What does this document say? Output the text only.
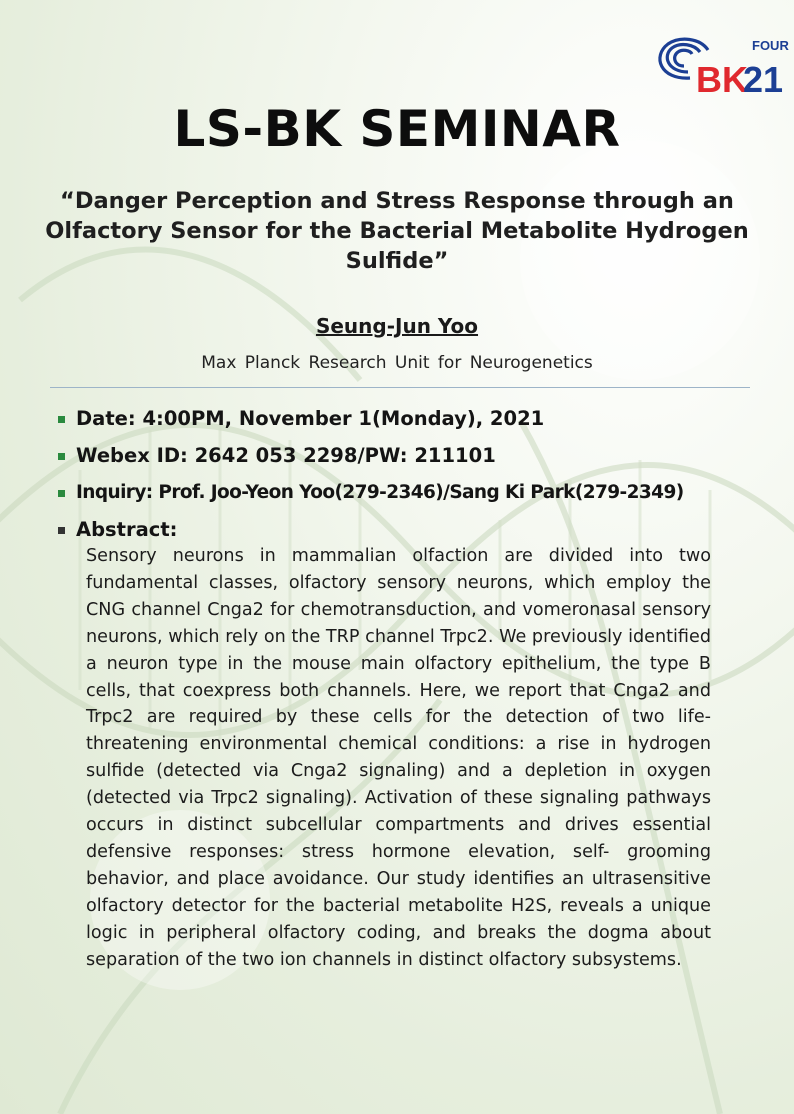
FOUR
BK
21
LS-BK SEMINAR
“Danger Perception and Stress Response through an Olfactory Sensor for the Bacterial Metabolite Hydrogen Sulfide”
Seung-Jun Yoo
Max Planck Research Unit for Neurogenetics
Date: 4:00PM, November 1(Monday), 2021
Webex ID: 2642 053 2298/PW: 211101
Inquiry: Prof. Joo-Yeon Yoo(279-2346)/Sang Ki Park(279-2349)
Abstract:
Sensory neurons in mammalian olfaction are divided into two fundamental classes, olfactory sensory neurons, which employ the CNG channel Cnga2 for chemotransduction, and vomeronasal sensory neurons, which rely on the TRP channel Trpc2. We previously identified a neuron type in the mouse main olfactory epithelium, the type B cells, that coexpress both channels. Here, we report that Cnga2 and Trpc2 are required by these cells for the detection of two life-threatening environmental chemical conditions: a rise in hydrogen sulfide (detected via Cnga2 signaling) and a depletion in oxygen (detected via Trpc2 signaling). Activation of these signaling pathways occurs in distinct subcellular compartments and drives essential defensive responses: stress hormone elevation, self- grooming behavior, and place avoidance. Our study identifies an ultrasensitive olfactory detector for the bacterial metabolite H2S, reveals a unique logic in peripheral olfactory coding, and breaks the dogma about separation of the two ion channels in distinct olfactory subsystems.
